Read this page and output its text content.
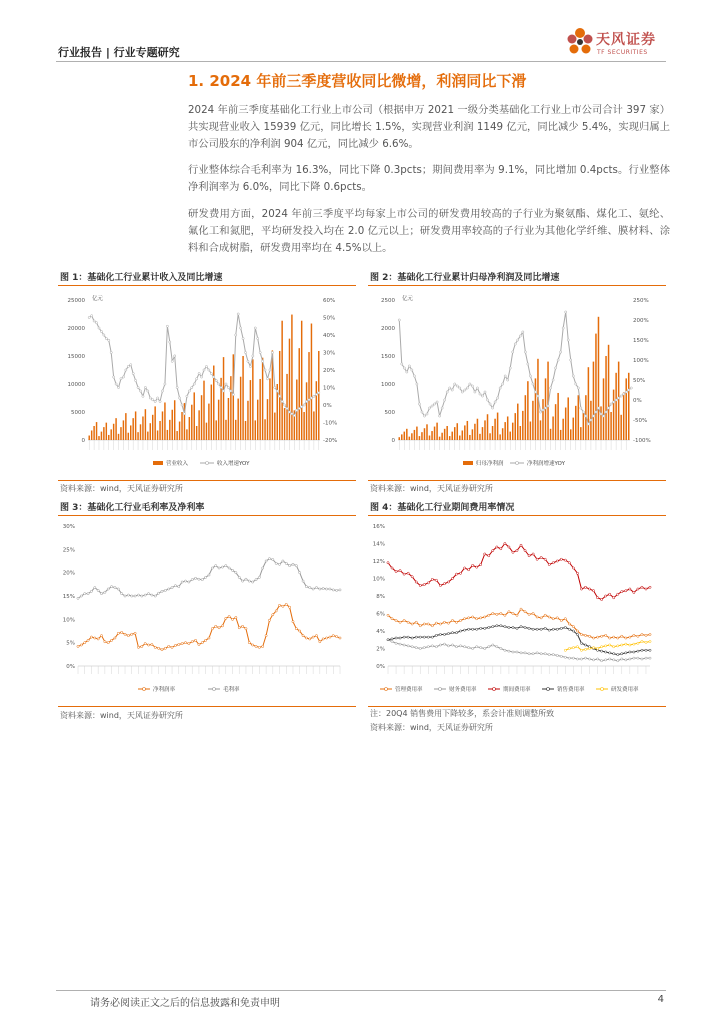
行业报告 | 行业专题研究
天风证券
TF SECURITIES
1. 2024 年前三季度营收同比微增，利润同比下滑
2024 年前三季度基础化工行业上市公司（根据申万 2021 一级分类基础化工行业上市公司合计 397 家）共实现营业收入 15939 亿元，同比增长 1.5%，实现营业利润 1149 亿元，同比减少 5.4%，实现归属上市公司股东的净利润 904 亿元，同比减少 6.6%。
行业整体综合毛利率为 16.3%，同比下降 0.3pcts；期间费用率为 9.1%，同比增加 0.4pcts。行业整体净利润率为 6.0%，同比下降 0.6pcts。
研发费用方面，2024 年前三季度平均每家上市公司的研发费用较高的子行业为聚氨酯、煤化工、氨纶、氟化工和氮肥，平均研发投入均在 2.0 亿元以上；研发费用率较高的子行业为其他化学纤维、膜材料、涂料和合成树脂，研发费用率均在 4.5%以上。
图 1：基础化工行业累计收入及同比增速	图 2：基础化工行业累计归母净利润及同比增速
亿元
0
5000
10000
15000
20000
25000
-20%
-10%
0%
10%
20%
30%
40%
50%
60%
营业收入	收入增速YOY
亿元
0
500
1000
1500
2000
2500
-100%
-50%
0%
50%
100%
150%
200%
250%
归母净利润	净利润增速YOY
资料来源：wind，天风证券研究所	资料来源：wind，天风证券研究所
图 3：基础化工行业毛利率及净利率	图 4：基础化工行业期间费用率情况
0%
5%
10%
15%
20%
25%
30%
净利润率	毛利率
0%
2%
4%
6%
8%
10%
12%
14%
16%
管理费用率	财务费用率	期间费用率	销售费用率	研发费用率
资料来源：wind，天风证券研究所	注：20Q4 销售费用下降较多，系会计准则调整所致
资料来源：wind，天风证券研究所
请务必阅读正文之后的信息披露和免责申明	4
